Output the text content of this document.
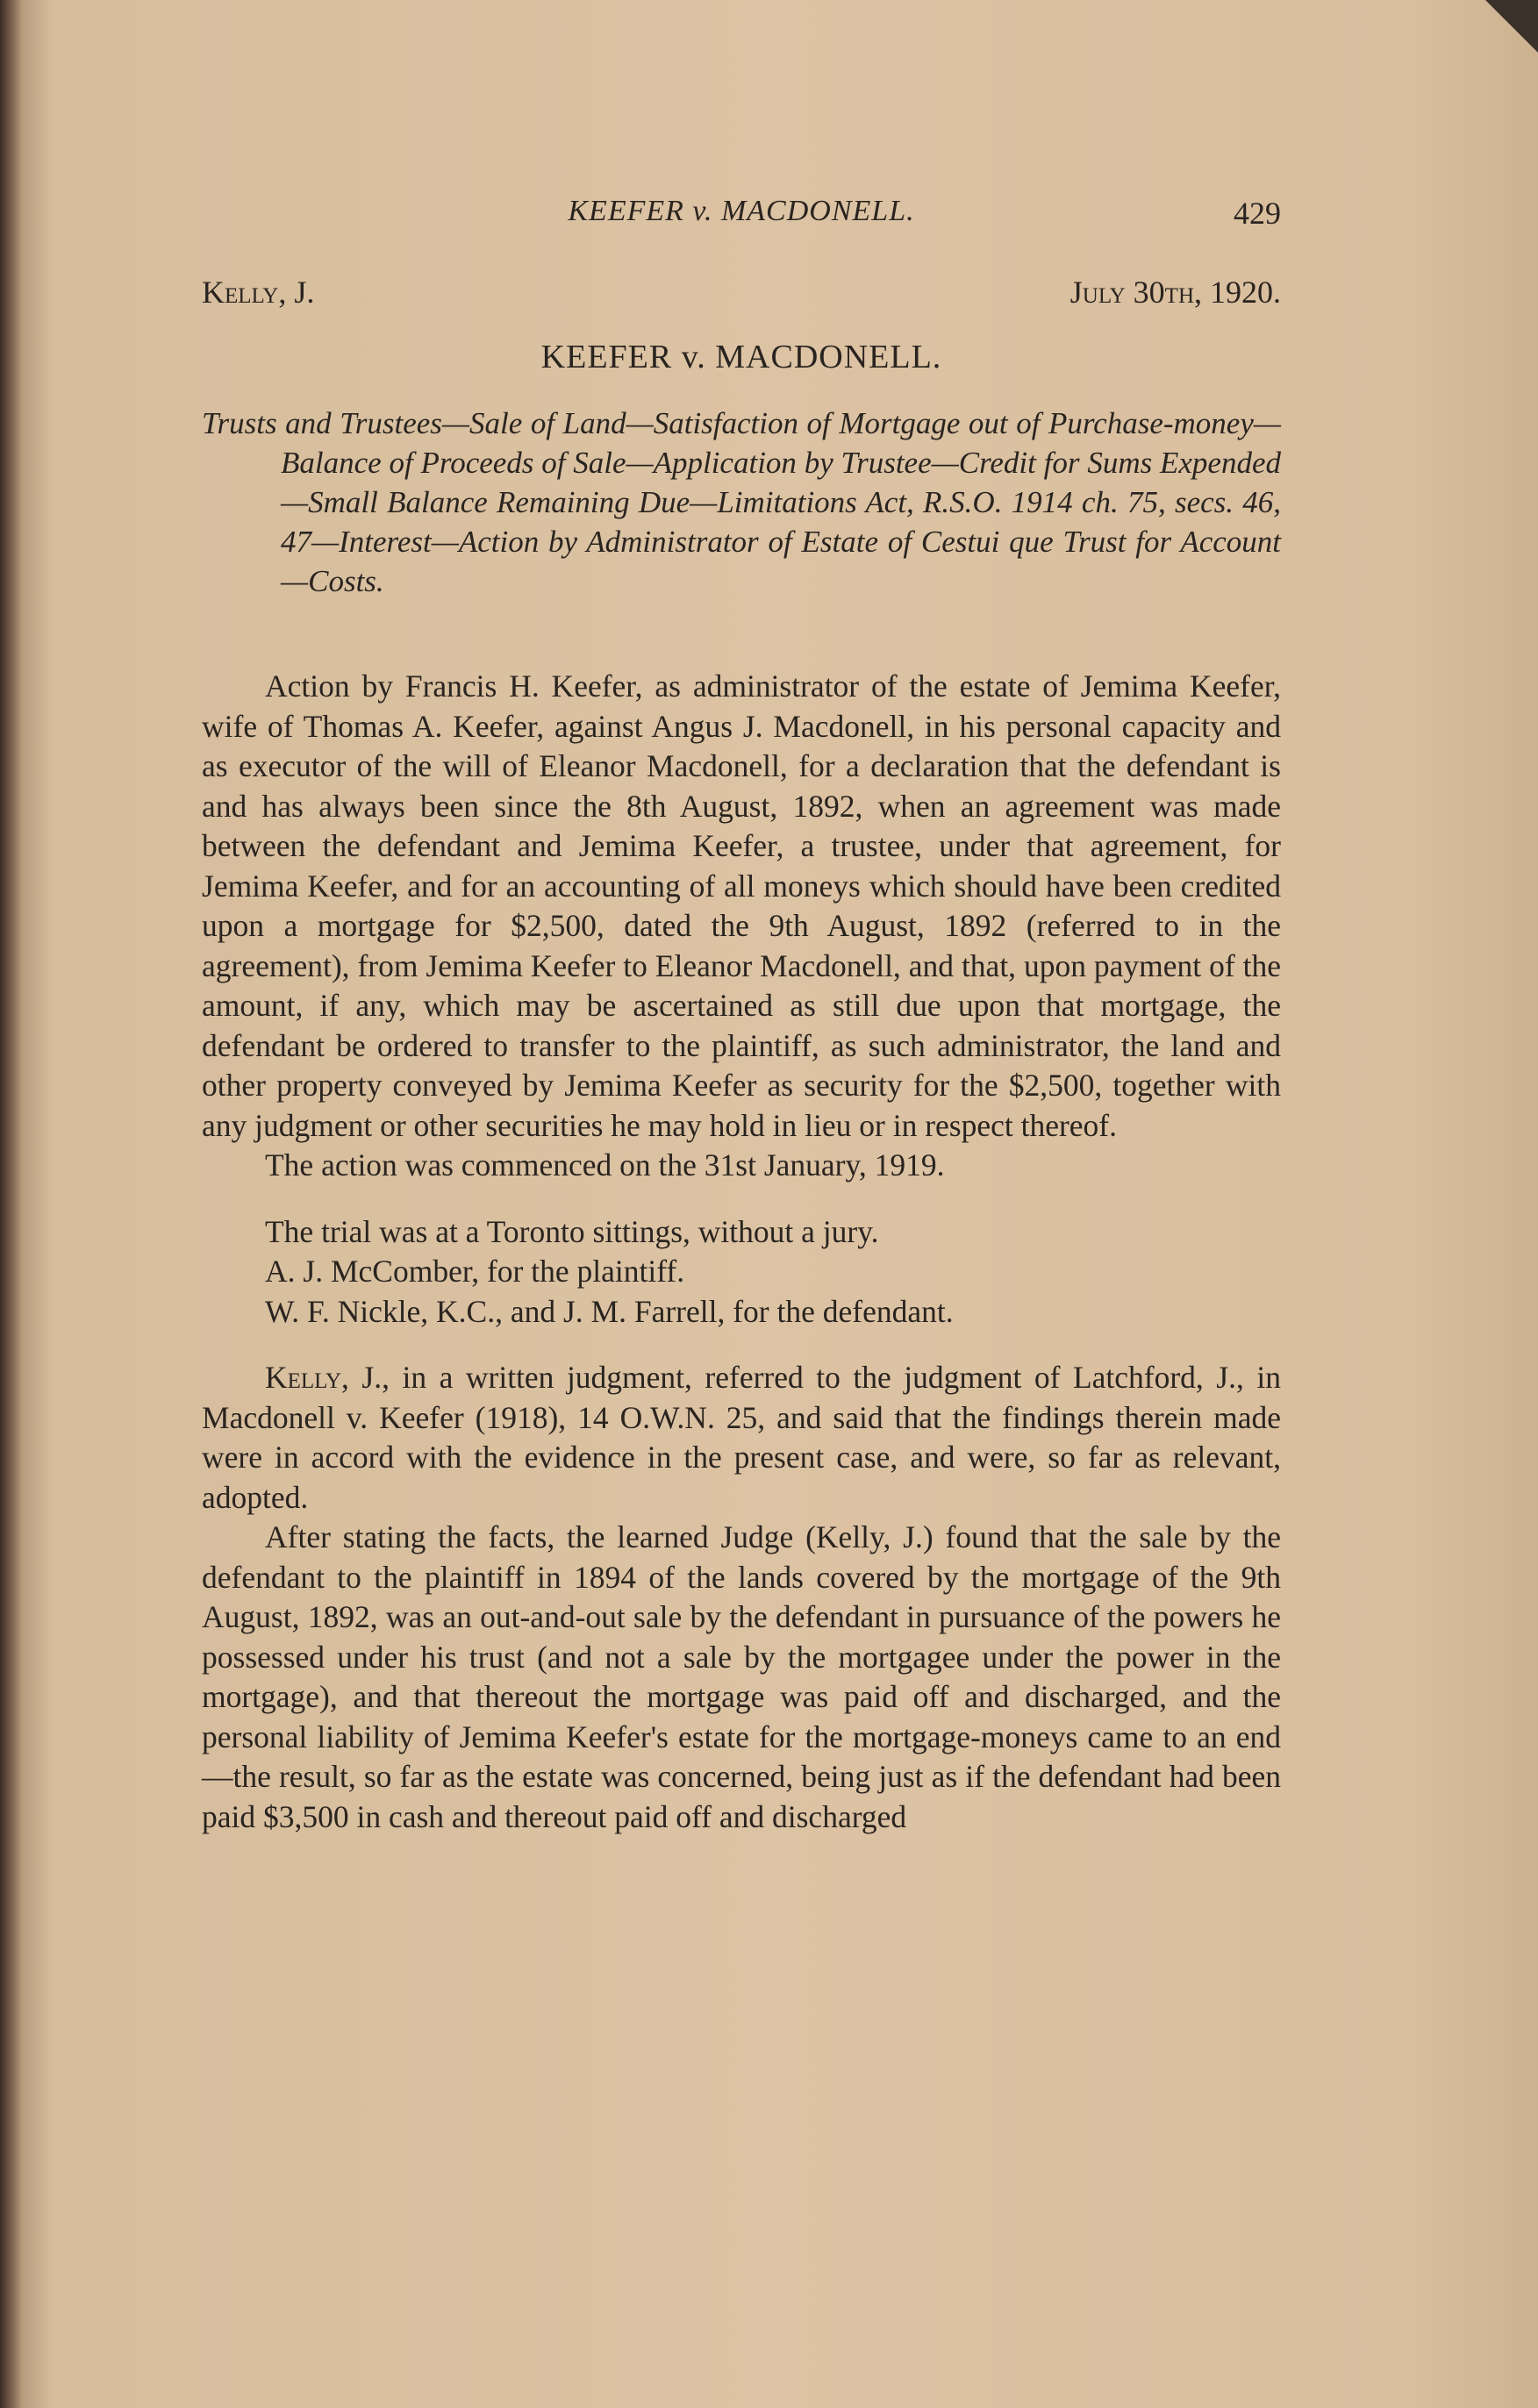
KEEFER v. MACDONELL.	429
Kelly, J.	July 30th, 1920.
KEEFER v. MACDONELL.
Trusts and Trustees—Sale of Land—Satisfaction of Mortgage out of Purchase-money—Balance of Proceeds of Sale—Application by Trustee—Credit for Sums Expended—Small Balance Remaining Due—Limitations Act, R.S.O. 1914 ch. 75, secs. 46, 47—Interest—Action by Administrator of Estate of Cestui que Trust for Account—Costs.

Action by Francis H. Keefer, as administrator of the estate of Jemima Keefer, wife of Thomas A. Keefer, against Angus J. Macdonell, in his personal capacity and as executor of the will of Eleanor Macdonell, for a declaration that the defendant is and has always been since the 8th August, 1892, when an agreement was made between the defendant and Jemima Keefer, a trustee, under that agreement, for Jemima Keefer, and for an accounting of all moneys which should have been credited upon a mortgage for $2,500, dated the 9th August, 1892 (referred to in the agreement), from Jemima Keefer to Eleanor Macdonell, and that, upon payment of the amount, if any, which may be ascertained as still due upon that mortgage, the defendant be ordered to transfer to the plaintiff, as such administrator, the land and other property conveyed by Jemima Keefer as security for the $2,500, together with any judgment or other securities he may hold in lieu or in respect thereof.

The action was commenced on the 31st January, 1919.

The trial was at a Toronto sittings, without a jury.

A. J. McComber, for the plaintiff.

W. F. Nickle, K.C., and J. M. Farrell, for the defendant.

Kelly, J., in a written judgment, referred to the judgment of Latchford, J., in Macdonell v. Keefer (1918), 14 O.W.N. 25, and said that the findings therein made were in accord with the evidence in the present case, and were, so far as relevant, adopted.

After stating the facts, the learned Judge (Kelly, J.) found that the sale by the defendant to the plaintiff in 1894 of the lands covered by the mortgage of the 9th August, 1892, was an out-and-out sale by the defendant in pursuance of the powers he possessed under his trust (and not a sale by the mortgagee under the power in the mortgage), and that thereout the mortgage was paid off and discharged, and the personal liability of Jemima Keefer's estate for the mortgage-moneys came to an end—the result, so far as the estate was concerned, being just as if the defendant had been paid $3,500 in cash and thereout paid off and discharged
